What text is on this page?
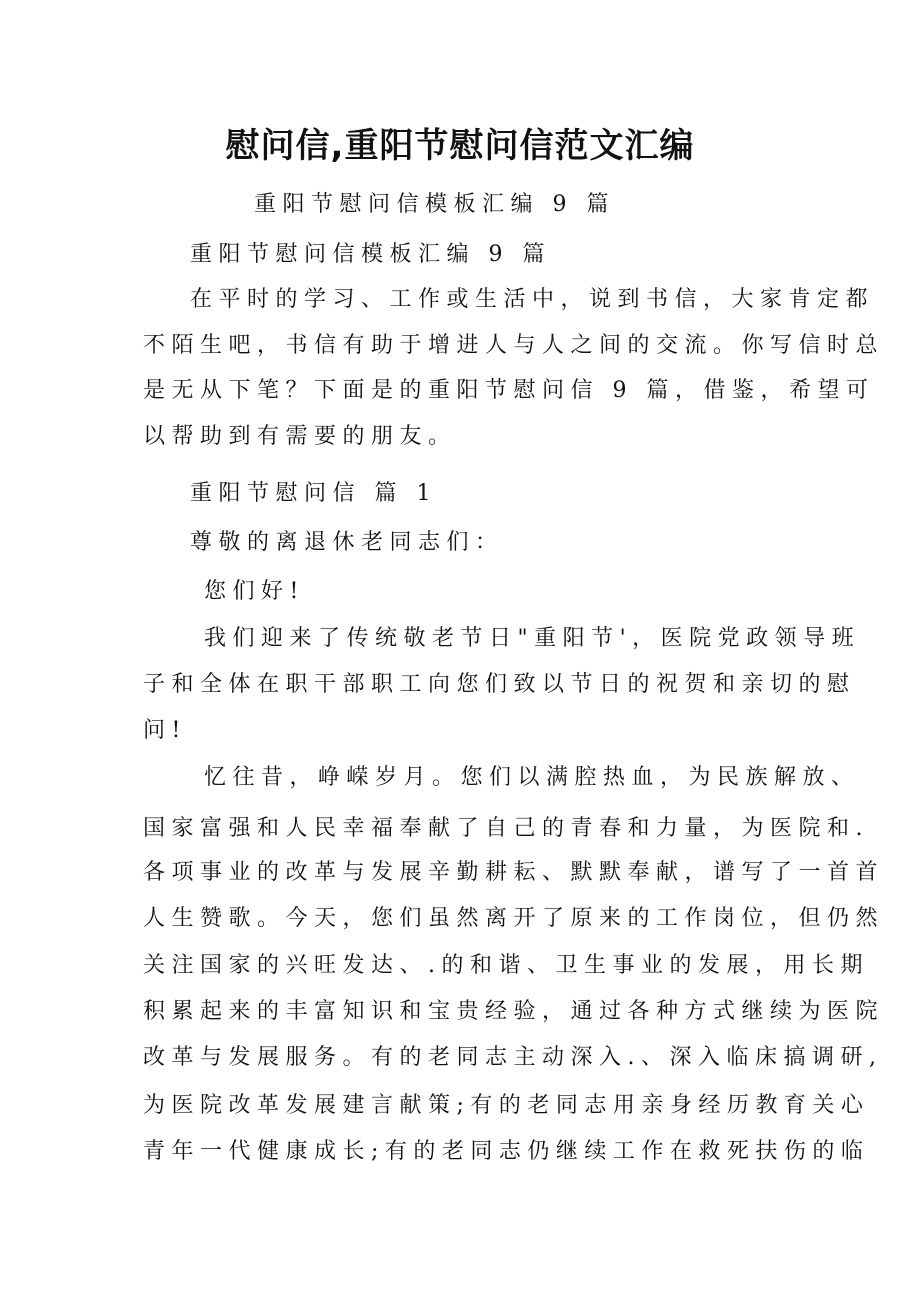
慰问信,重阳节慰问信范文汇编
重阳节慰问信模板汇编 9 篇
重阳节慰问信模板汇编 9 篇
在平时的学习、工作或生活中，说到书信，大家肯定都
不陌生吧，书信有助于增进人与人之间的交流。你写信时总
是无从下笔？下面是的重阳节慰问信 9 篇，借鉴，希望可
以帮助到有需要的朋友。
重阳节慰问信 篇 1
尊敬的离退休老同志们：
您们好!
我们迎来了传统敬老节日"重阳节'，医院党政领导班
子和全体在职干部职工向您们致以节日的祝贺和亲切的慰
问!
忆往昔，峥嵘岁月。您们以满腔热血，为民族解放、
国家富强和人民幸福奉献了自己的青春和力量，为医院和.
各项事业的改革与发展辛勤耕耘、默默奉献，谱写了一首首
人生赞歌。今天，您们虽然离开了原来的工作岗位，但仍然
关注国家的兴旺发达、.的和谐、卫生事业的发展，用长期
积累起来的丰富知识和宝贵经验，通过各种方式继续为医院
改革与发展服务。有的老同志主动深入.、深入临床搞调研,
为医院改革发展建言献策;有的老同志用亲身经历教育关心
青年一代健康成长;有的老同志仍继续工作在救死扶伤的临
